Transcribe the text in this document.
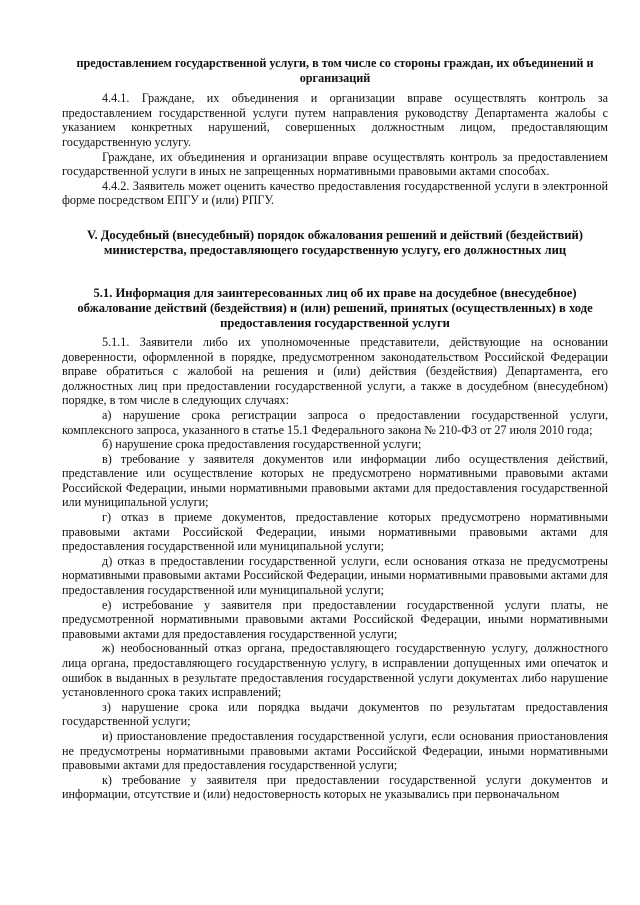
предоставлением государственной услуги, в том числе со стороны граждан, их объединений и организаций

4.4.1. Граждане, их объединения и организации вправе осуществлять контроль за предоставлением государственной услуги путем направления руководству Департамента жалобы с указанием конкретных нарушений, совершенных должностным лицом, предоставляющим государственную услугу.

Граждане, их объединения и организации вправе осуществлять контроль за предоставлением государственной услуги в иных не запрещенных нормативными правовыми актами способах.

4.4.2. Заявитель может оценить качество предоставления государственной услуги в электронной форме посредством ЕПГУ и (или) РПГУ.

V. Досудебный (внесудебный) порядок обжалования решений и действий (бездействий) министерства, предоставляющего государственную услугу, его должностных лиц

5.1. Информация для заинтересованных лиц об их праве на досудебное (внесудебное) обжалование действий (бездействия) и (или) решений, принятых (осуществленных) в ходе предоставления государственной услуги

5.1.1. Заявители либо их уполномоченные представители, действующие на основании доверенности, оформленной в порядке, предусмотренном законодательством Российской Федерации вправе обратиться с жалобой на решения и (или) действия (бездействия) Департамента, его должностных лиц при предоставлении государственной услуги, а также в досудебном (внесудебном) порядке, в том числе в следующих случаях:

а) нарушение срока регистрации запроса о предоставлении государственной услуги, комплексного запроса, указанного в статье 15.1 Федерального закона № 210-ФЗ от 27 июля 2010 года;

б) нарушение срока предоставления государственной услуги;

в) требование у заявителя документов или информации либо осуществления действий, представление или осуществление которых не предусмотрено нормативными правовыми актами Российской Федерации, иными нормативными правовыми актами для предоставления государственной или муниципальной услуги;

г) отказ в приеме документов, предоставление которых предусмотрено нормативными правовыми актами Российской Федерации, иными нормативными правовыми актами для предоставления государственной или муниципальной услуги;

д) отказ в предоставлении государственной услуги, если основания отказа не предусмотрены нормативными правовыми актами Российской Федерации, иными нормативными правовыми актами для предоставления государственной или муниципальной услуги;

е) истребование у заявителя при предоставлении государственной услуги платы, не предусмотренной нормативными правовыми актами Российской Федерации, иными нормативными правовыми актами для предоставления государственной услуги;

ж) необоснованный отказ органа, предоставляющего государственную услугу, должностного лица органа, предоставляющего государственную услугу, в исправлении допущенных ими опечаток и ошибок в выданных в результате предоставления государственной услуги документах либо нарушение установленного срока таких исправлений;

з) нарушение срока или порядка выдачи документов по результатам предоставления государственной услуги;

и) приостановление предоставления государственной услуги, если основания приостановления не предусмотрены нормативными правовыми актами Российской Федерации, иными нормативными правовыми актами для предоставления государственной услуги;

к) требование у заявителя при предоставлении государственной услуги документов и информации, отсутствие и (или) недостоверность которых не указывались при первоначальном
